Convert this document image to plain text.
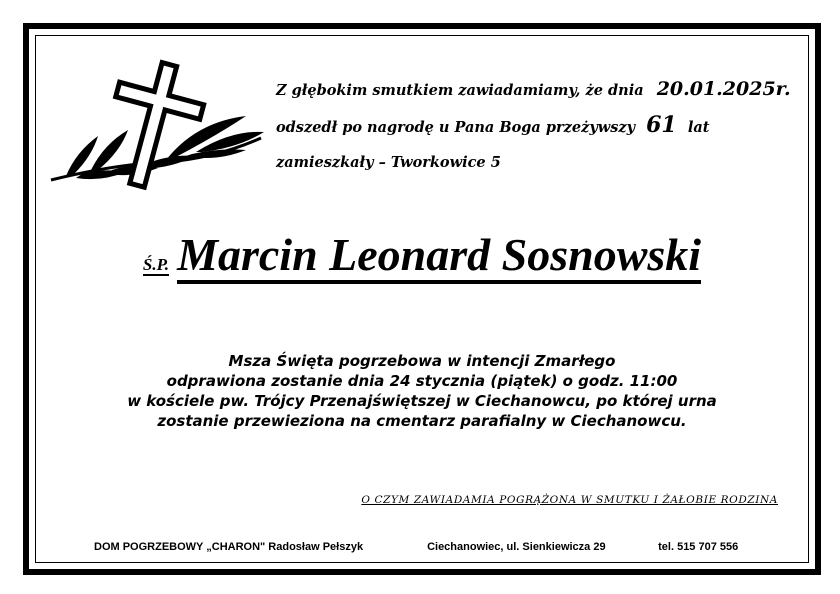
Z głębokim smutkiem zawiadamiamy, że dnia 20.01.2025r.
odszedł po nagrodę u Pana Boga przeżywszy 61 lat
zamieszkały – Tworkowice 5
Ś.P. Marcin Leonard Sosnowski
Msza Święta pogrzebowa w intencji Zmarłego
odprawiona zostanie dnia 24 stycznia (piątek) o godz. 11:00
w kościele pw. Trójcy Przenajświętszej w Ciechanowcu, po której urna
zostanie przewieziona na cmentarz parafialny w Ciechanowcu.
O CZYM ZAWIADAMIA POGRĄŻONA W SMUTKU I ŻAŁOBIE RODZINA
DOM POGRZEBOWY „CHARON" Radosław Pełszyk	Ciechanowiec, ul. Sienkiewicza 29	tel. 515 707 556
